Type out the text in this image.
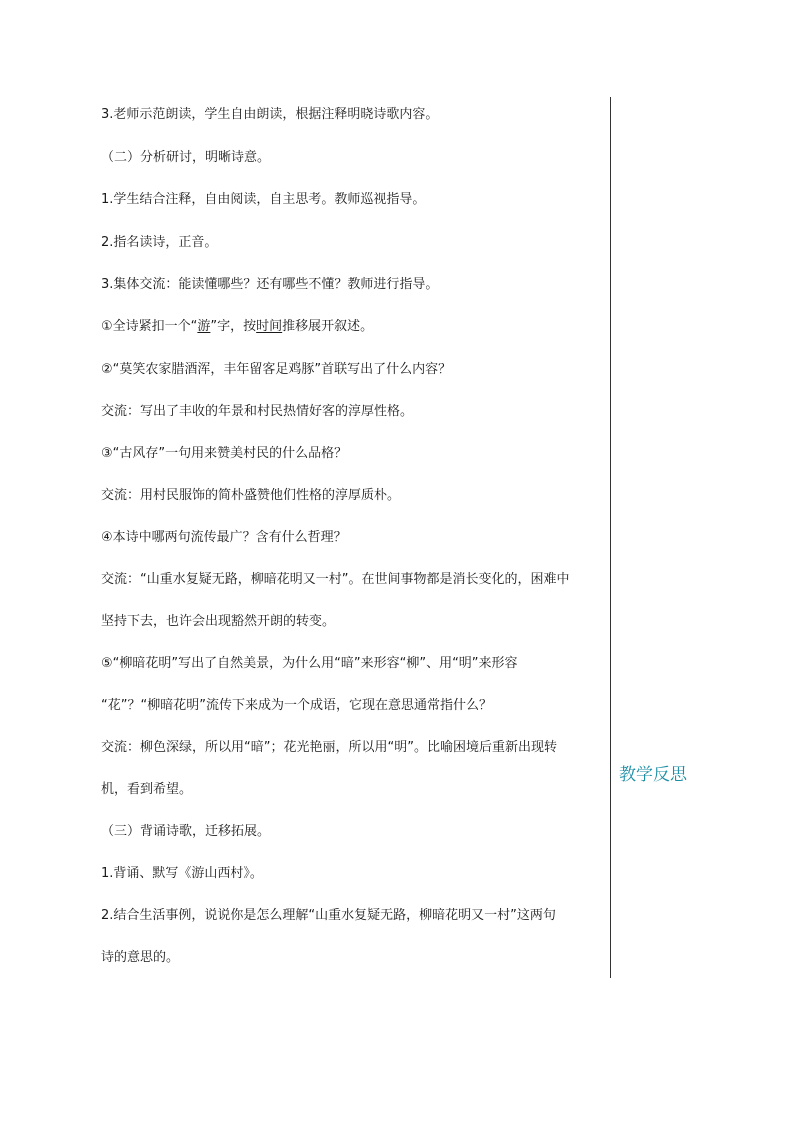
3.老师示范朗读，学生自由朗读，根据注释明晓诗歌内容。

（二）分析研讨，明晰诗意。

1.学生结合注释，自由阅读，自主思考。教师巡视指导。

2.指名读诗，正音。

3.集体交流：能读懂哪些？还有哪些不懂？教师进行指导。

①全诗紧扣一个“游”字，按时间推移展开叙述。

②“莫笑农家腊酒浑，丰年留客足鸡豚”首联写出了什么内容？

交流：写出了丰收的年景和村民热情好客的淳厚性格。

③“古风存”一句用来赞美村民的什么品格？

交流：用村民服饰的简朴盛赞他们性格的淳厚质朴。

④本诗中哪两句流传最广？含有什么哲理？

交流：“山重水复疑无路，柳暗花明又一村”。在世间事物都是消长变化的，困难中

坚持下去，也许会出现豁然开朗的转变。

⑤“柳暗花明”写出了自然美景，为什么用“暗”来形容“柳”、用“明”来形容

“花”？“柳暗花明”流传下来成为一个成语，它现在意思通常指什么？

交流：柳色深绿，所以用“暗”；花光艳丽，所以用“明”。比喻困境后重新出现转

机，看到希望。

（三）背诵诗歌，迁移拓展。

1.背诵、默写《游山西村》。

2.结合生活事例，说说你是怎么理解“山重水复疑无路，柳暗花明又一村”这两句

诗的意思的。

教学反思
